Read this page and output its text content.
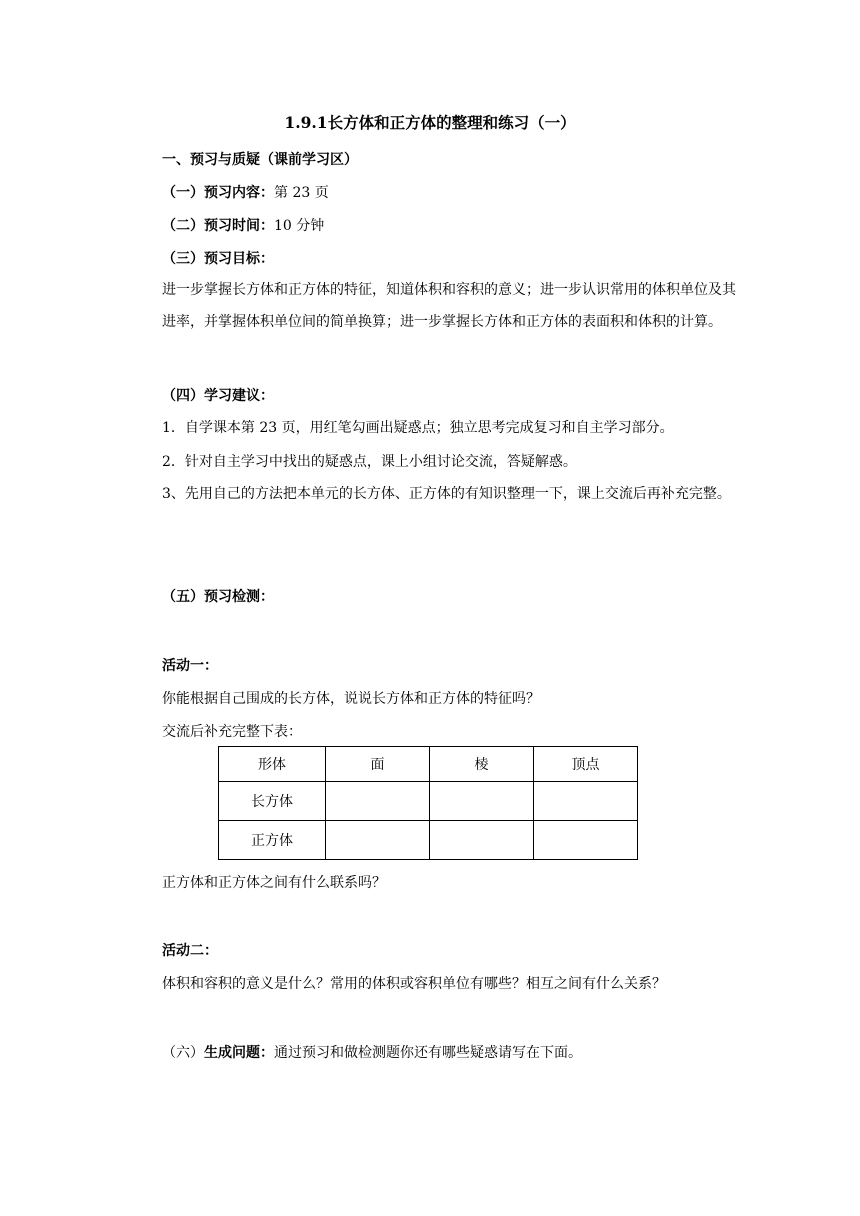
1.9.1长方体和正方体的整理和练习（一）
一、预习与质疑（课前学习区）
（一）预习内容：第 23 页
（二）预习时间：10 分钟
（三）预习目标：
进一步掌握长方体和正方体的特征，知道体积和容积的意义；进一步认识常用的体积单位及其进率，并掌握体积单位间的简单换算；进一步掌握长方体和正方体的表面积和体积的计算。
（四）学习建议：
1．自学课本第 23 页，用红笔勾画出疑惑点；独立思考完成复习和自主学习部分。
2．针对自主学习中找出的疑惑点，课上小组讨论交流，答疑解惑。
3、先用自己的方法把本单元的长方体、正方体的有知识整理一下，课上交流后再补充完整。
（五）预习检测：
活动一：
你能根据自己围成的长方体，说说长方体和正方体的特征吗？
交流后补充完整下表：
形体	面	棱	顶点
长方体			
正方体			
正方体和正方体之间有什么联系吗？
活动二：
体积和容积的意义是什么？常用的体积或容积单位有哪些？相互之间有什么关系？
（六）生成问题：通过预习和做检测题你还有哪些疑惑请写在下面。
